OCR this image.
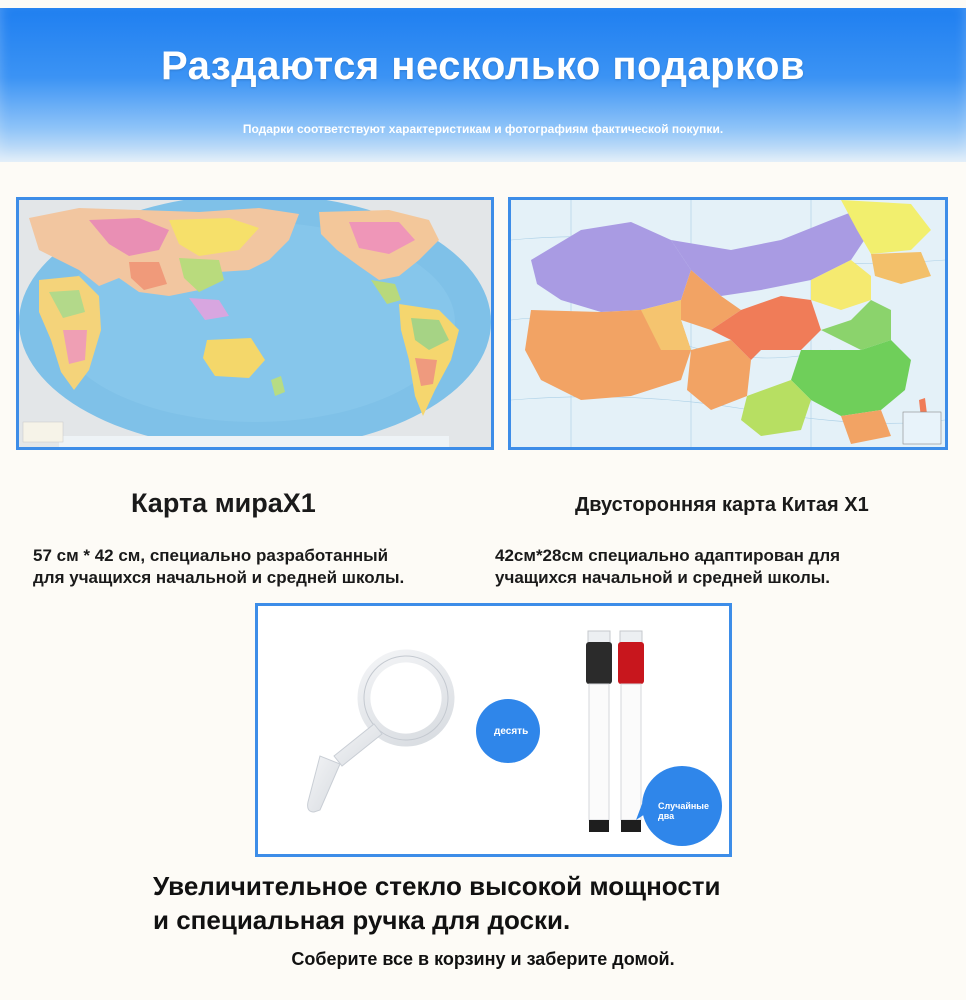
Раздаются несколько подарков
Подарки соответствуют характеристикам и фотографиям фактической покупки.
Карта мираX1
57 см * 42 см, специально разработанный
для учащихся начальной и средней школы.
Двусторонняя карта Китая X1
42см*28см специально адаптирован для
учащихся начальной и средней школы.
десять
Случайные
два
Увеличительное стекло высокой мощности
и специальная ручка для доски.
Соберите все в корзину и заберите домой.
